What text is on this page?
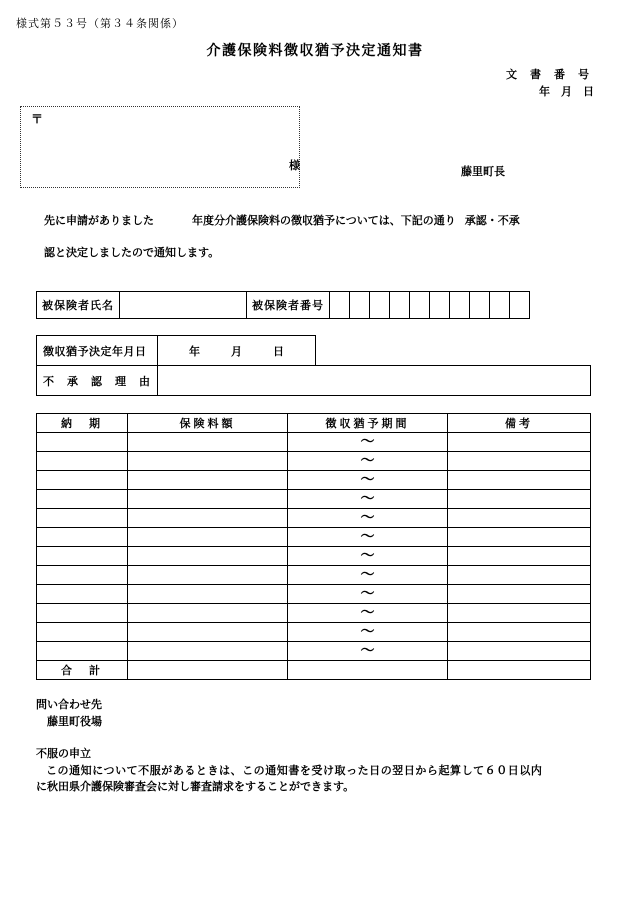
様式第５３号（第３４条関係）
介護保険料徴収猶予決定通知書
文書番号
年月日
〒
様	藤里町長
先に申請がありました	年度分介護保険料の徴収猶予については、下記の通り 承認・不承
認と決定しましたので通知します。
被保険者氏名		被保険者番号										
徴収猶予決定年月日	年 月 日	
不承認理由		
納　期	保険料額	徴収猶予期間	備考
		〜	
		〜	
		〜	
		〜	
		〜	
		〜	
		〜	
		〜	
		〜	
		〜	
		〜	
		〜	
合　計			
問い合わせ先
藤里町役場
不服の申立
この通知について不服があるときは、この通知書を受け取った日の翌日から起算して６０日以内
に秋田県介護保険審査会に対し審査請求をすることができます。
